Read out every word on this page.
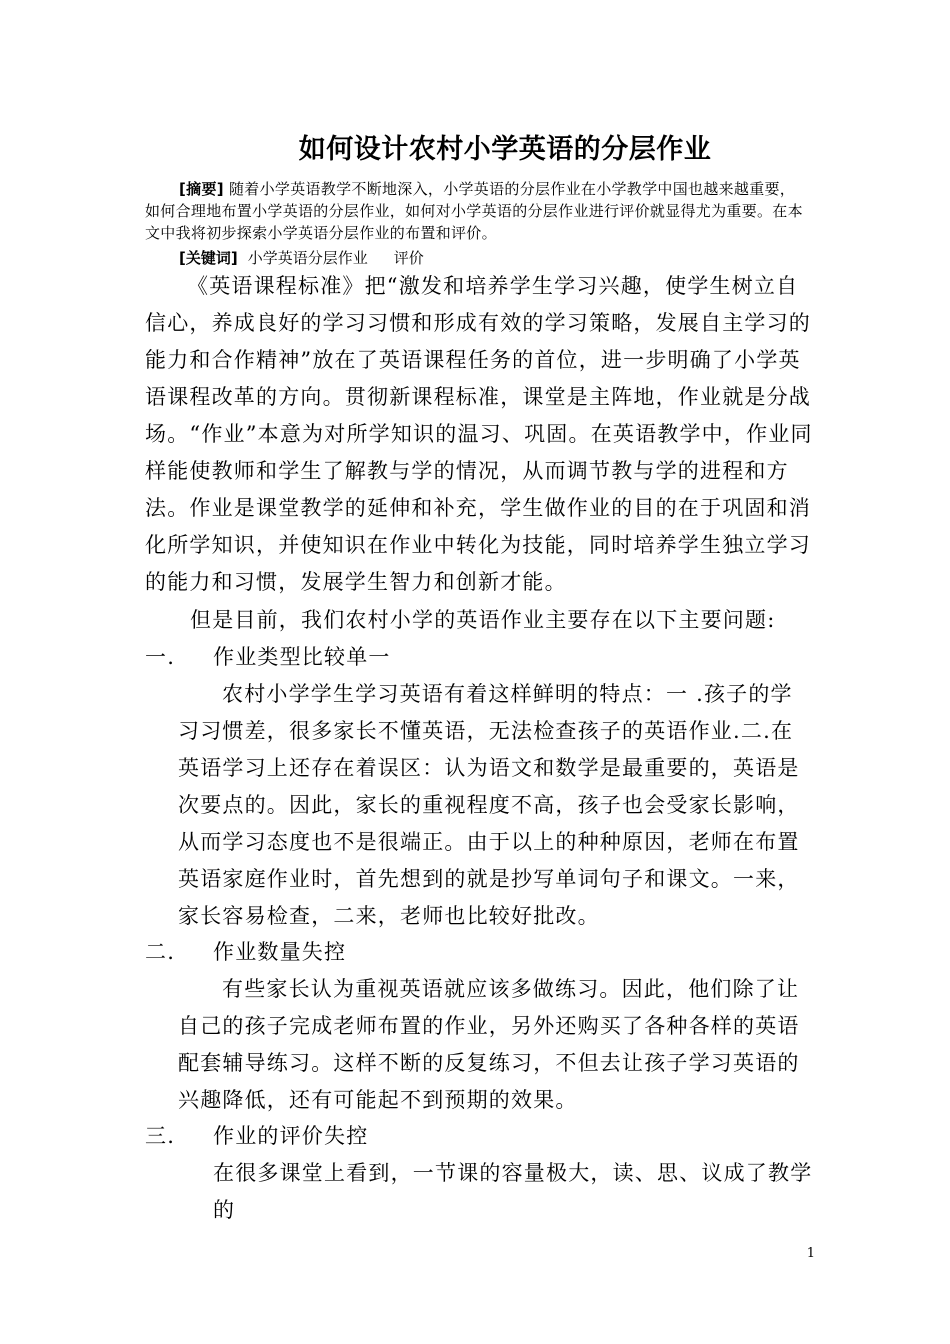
如何设计农村小学英语的分层作业
[摘要] 随着小学英语教学不断地深入，小学英语的分层作业在小学教学中国也越来越重要，如何合理地布置小学英语的分层作业，如何对小学英语的分层作业进行评价就显得尤为重要。在本文中我将初步探索小学英语分层作业的布置和评价。
[关键词] 小学英语分层作业 评价

《英语课程标准》把“激发和培养学生学习兴趣，使学生树立自信心，养成良好的学习习惯和形成有效的学习策略，发展自主学习的能力和合作精神”放在了英语课程任务的首位，进一步明确了小学英语课程改革的方向。贯彻新课程标准，课堂是主阵地，作业就是分战场。“作业”本意为对所学知识的温习、巩固。在英语教学中，作业同样能使教师和学生了解教与学的情况，从而调节教与学的进程和方法。作业是课堂教学的延伸和补充，学生做作业的目的在于巩固和消化所学知识，并使知识在作业中转化为技能，同时培养学生独立学习的能力和习惯，发展学生智力和创新才能。

但是目前，我们农村小学的英语作业主要存在以下主要问题:

一. 作业类型比较单一
农村小学学生学习英语有着这样鲜明的特点：一 .孩子的学习习惯差，很多家长不懂英语，无法检查孩子的英语作业.二.在英语学习上还存在着误区：认为语文和数学是最重要的，英语是次要点的。因此，家长的重视程度不高，孩子也会受家长影响，从而学习态度也不是很端正。由于以上的种种原因，老师在布置英语家庭作业时，首先想到的就是抄写单词句子和课文。一来，家长容易检查，二来，老师也比较好批改。
二. 作业数量失控
有些家长认为重视英语就应该多做练习。因此，他们除了让自己的孩子完成老师布置的作业，另外还购买了各种各样的英语配套辅导练习。这样不断的反复练习，不但去让孩子学习英语的兴趣降低，还有可能起不到预期的效果。
三. 作业的评价失控
在很多课堂上看到，一节课的容量极大，读、思、议成了教学的
1
